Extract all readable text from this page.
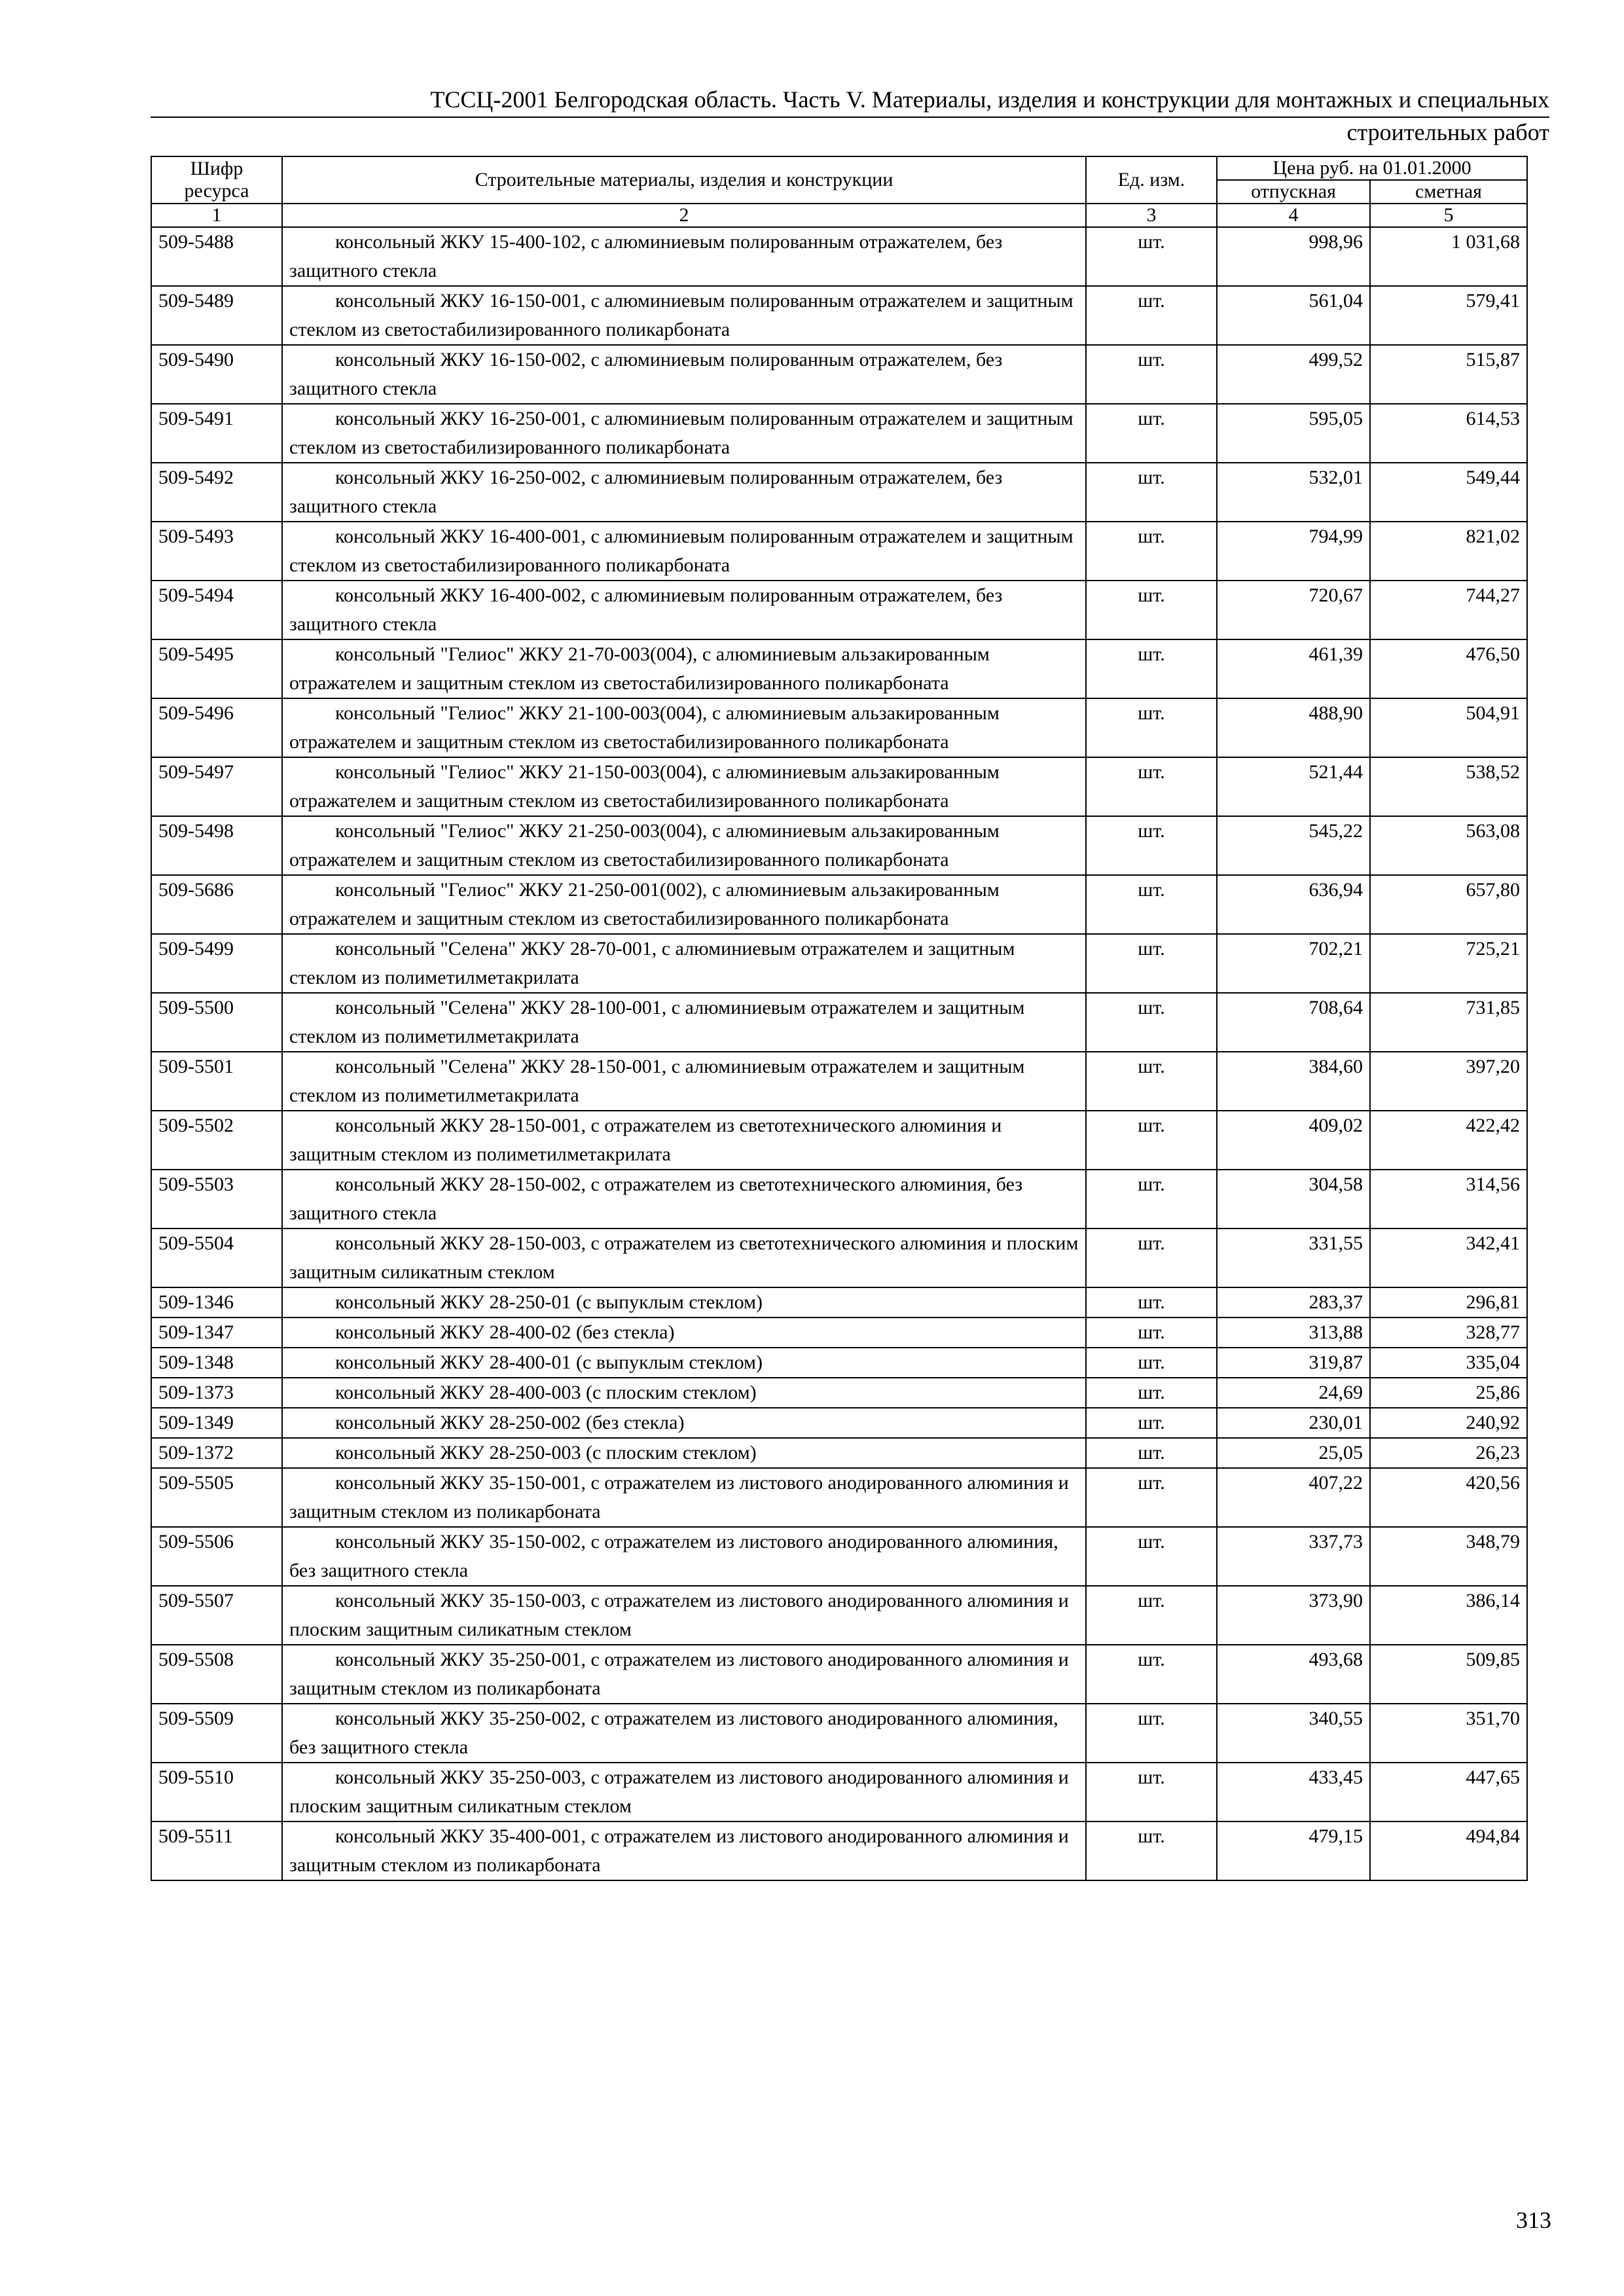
ТССЦ-2001 Белгородская область. Часть V. Материалы, изделия и конструкции для монтажных и специальных
строительных работ
Шифр ресурса	Строительные материалы, изделия и конструкции	Ед. изм.	Цена руб. на 01.01.2000	
			отпускная	сметная
1	2	3	4	5
509-5488	консольный ЖКУ 15-400-102, с алюминиевым полированным отражателем, без защитного стекла	шт.	998,96	1 031,68
509-5489	консольный ЖКУ 16-150-001, с алюминиевым полированным отражателем и защитным стеклом из светостабилизированного поликарбоната	шт.	561,04	579,41
509-5490	консольный ЖКУ 16-150-002, с алюминиевым полированным отражателем, без защитного стекла	шт.	499,52	515,87
509-5491	консольный ЖКУ 16-250-001, с алюминиевым полированным отражателем и защитным стеклом из светостабилизированного поликарбоната	шт.	595,05	614,53
509-5492	консольный ЖКУ 16-250-002, с алюминиевым полированным отражателем, без защитного стекла	шт.	532,01	549,44
509-5493	консольный ЖКУ 16-400-001, с алюминиевым полированным отражателем и защитным стеклом из светостабилизированного поликарбоната	шт.	794,99	821,02
509-5494	консольный ЖКУ 16-400-002, с алюминиевым полированным отражателем, без защитного стекла	шт.	720,67	744,27
509-5495	консольный "Гелиос" ЖКУ 21-70-003(004), с алюминиевым альзакированным отражателем и защитным стеклом из светостабилизированного поликарбоната	шт.	461,39	476,50
509-5496	консольный "Гелиос" ЖКУ 21-100-003(004), с алюминиевым альзакированным отражателем и защитным стеклом из светостабилизированного поликарбоната	шт.	488,90	504,91
509-5497	консольный "Гелиос" ЖКУ 21-150-003(004), с алюминиевым альзакированным отражателем и защитным стеклом из светостабилизированного поликарбоната	шт.	521,44	538,52
509-5498	консольный "Гелиос" ЖКУ 21-250-003(004), с алюминиевым альзакированным отражателем и защитным стеклом из светостабилизированного поликарбоната	шт.	545,22	563,08
509-5686	консольный "Гелиос" ЖКУ 21-250-001(002), с алюминиевым альзакированным отражателем и защитным стеклом из светостабилизированного поликарбоната	шт.	636,94	657,80
509-5499	консольный "Селена" ЖКУ 28-70-001, с алюминиевым отражателем и защитным стеклом из полиметилметакрилата	шт.	702,21	725,21
509-5500	консольный "Селена" ЖКУ 28-100-001, с алюминиевым отражателем и защитным стеклом из полиметилметакрилата	шт.	708,64	731,85
509-5501	консольный "Селена" ЖКУ 28-150-001, с алюминиевым отражателем и защитным стеклом из полиметилметакрилата	шт.	384,60	397,20
509-5502	консольный ЖКУ 28-150-001, с отражателем из светотехнического алюминия и защитным стеклом из полиметилметакрилата	шт.	409,02	422,42
509-5503	консольный ЖКУ 28-150-002, с отражателем из светотехнического алюминия, без защитного стекла	шт.	304,58	314,56
509-5504	консольный ЖКУ 28-150-003, с отражателем из светотехнического алюминия и плоским защитным силикатным стеклом	шт.	331,55	342,41
509-1346	консольный ЖКУ 28-250-01 (с выпуклым стеклом)	шт.	283,37	296,81
509-1347	консольный ЖКУ 28-400-02 (без стекла)	шт.	313,88	328,77
509-1348	консольный ЖКУ 28-400-01 (с выпуклым стеклом)	шт.	319,87	335,04
509-1373	консольный ЖКУ 28-400-003 (с плоским стеклом)	шт.	24,69	25,86
509-1349	консольный ЖКУ 28-250-002 (без стекла)	шт.	230,01	240,92
509-1372	консольный ЖКУ 28-250-003 (с плоским стеклом)	шт.	25,05	26,23
509-5505	консольный ЖКУ 35-150-001, с отражателем из листового анодированного алюминия и защитным стеклом из поликарбоната	шт.	407,22	420,56
509-5506	консольный ЖКУ 35-150-002, с отражателем из листового анодированного алюминия, без защитного стекла	шт.	337,73	348,79
509-5507	консольный ЖКУ 35-150-003, с отражателем из листового анодированного алюминия и плоским защитным силикатным стеклом	шт.	373,90	386,14
509-5508	консольный ЖКУ 35-250-001, с отражателем из листового анодированного алюминия и защитным стеклом из поликарбоната	шт.	493,68	509,85
509-5509	консольный ЖКУ 35-250-002, с отражателем из листового анодированного алюминия, без защитного стекла	шт.	340,55	351,70
509-5510	консольный ЖКУ 35-250-003, с отражателем из листового анодированного алюминия и плоским защитным силикатным стеклом	шт.	433,45	447,65
509-5511	консольный ЖКУ 35-400-001, с отражателем из листового анодированного алюминия и защитным стеклом из поликарбоната	шт.	479,15	494,84
313
